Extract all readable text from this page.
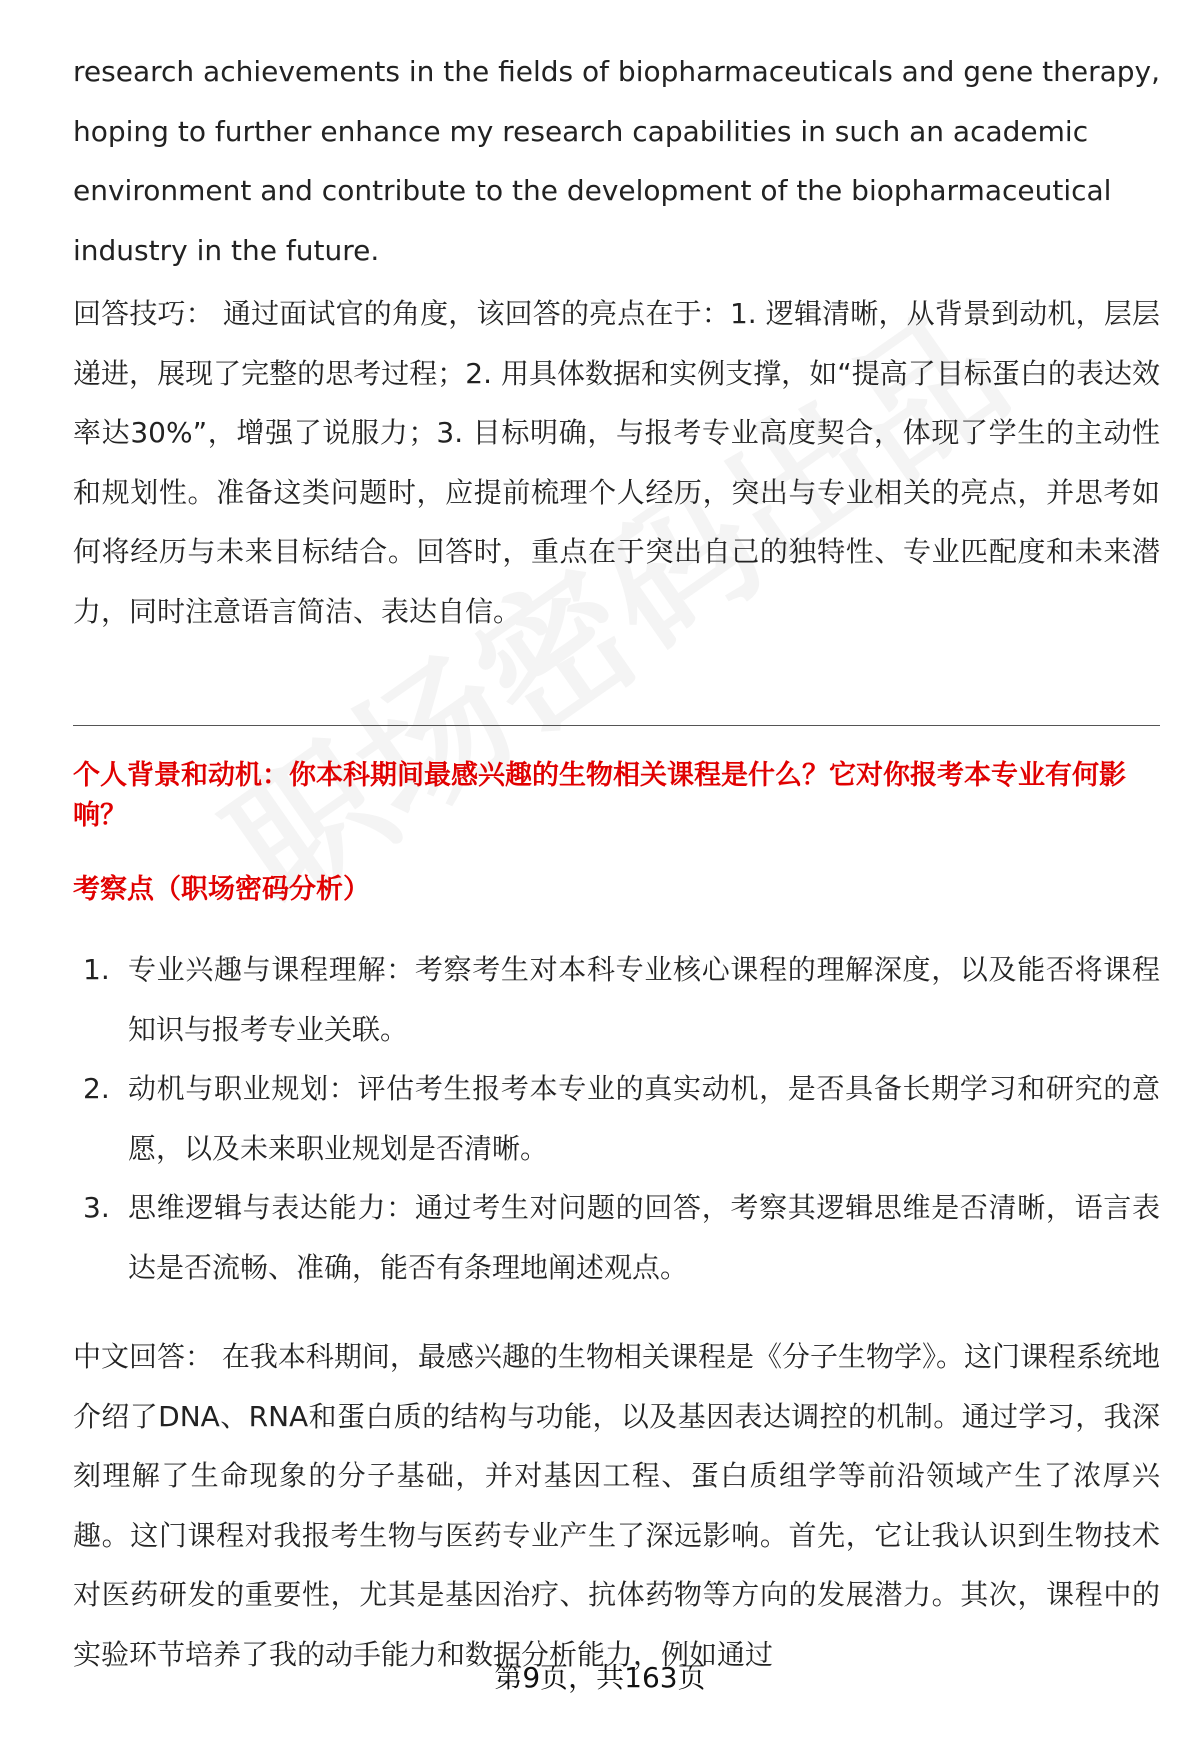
research achievements in the fields of biopharmaceuticals and gene therapy, hoping to further enhance my research capabilities in such an academic environment and contribute to the development of the biopharmaceutical industry in the future.

回答技巧： 通过面试官的角度，该回答的亮点在于：1. 逻辑清晰，从背景到动机，层层递进，展现了完整的思考过程；2. 用具体数据和实例支撑，如“提高了目标蛋白的表达效率达30%”，增强了说服力；3. 目标明确，与报考专业高度契合，体现了学生的主动性和规划性。准备这类问题时，应提前梳理个人经历，突出与专业相关的亮点，并思考如何将经历与未来目标结合。回答时，重点在于突出自己的独特性、专业匹配度和未来潜力，同时注意语言简洁、表达自信。

个人背景和动机：你本科期间最感兴趣的生物相关课程是什么？它对你报考本专业有何影响？
考察点（职场密码分析）
1. 专业兴趣与课程理解：考察考生对本科专业核心课程的理解深度，以及能否将课程知识与报考专业关联。
2. 动机与职业规划：评估考生报考本专业的真实动机，是否具备长期学习和研究的意愿，以及未来职业规划是否清晰。
3. 思维逻辑与表达能力：通过考生对问题的回答，考察其逻辑思维是否清晰，语言表达是否流畅、准确，能否有条理地阐述观点。

中文回答： 在我本科期间，最感兴趣的生物相关课程是《分子生物学》。这门课程系统地介绍了DNA、RNA和蛋白质的结构与功能，以及基因表达调控的机制。通过学习，我深刻理解了生命现象的分子基础，并对基因工程、蛋白质组学等前沿领域产生了浓厚兴趣。这门课程对我报考生物与医药专业产生了深远影响。首先，它让我认识到生物技术对医药研发的重要性，尤其是基因治疗、抗体药物等方向的发展潜力。其次，课程中的实验环节培养了我的动手能力和数据分析能力，例如通过

第9页，共163页
